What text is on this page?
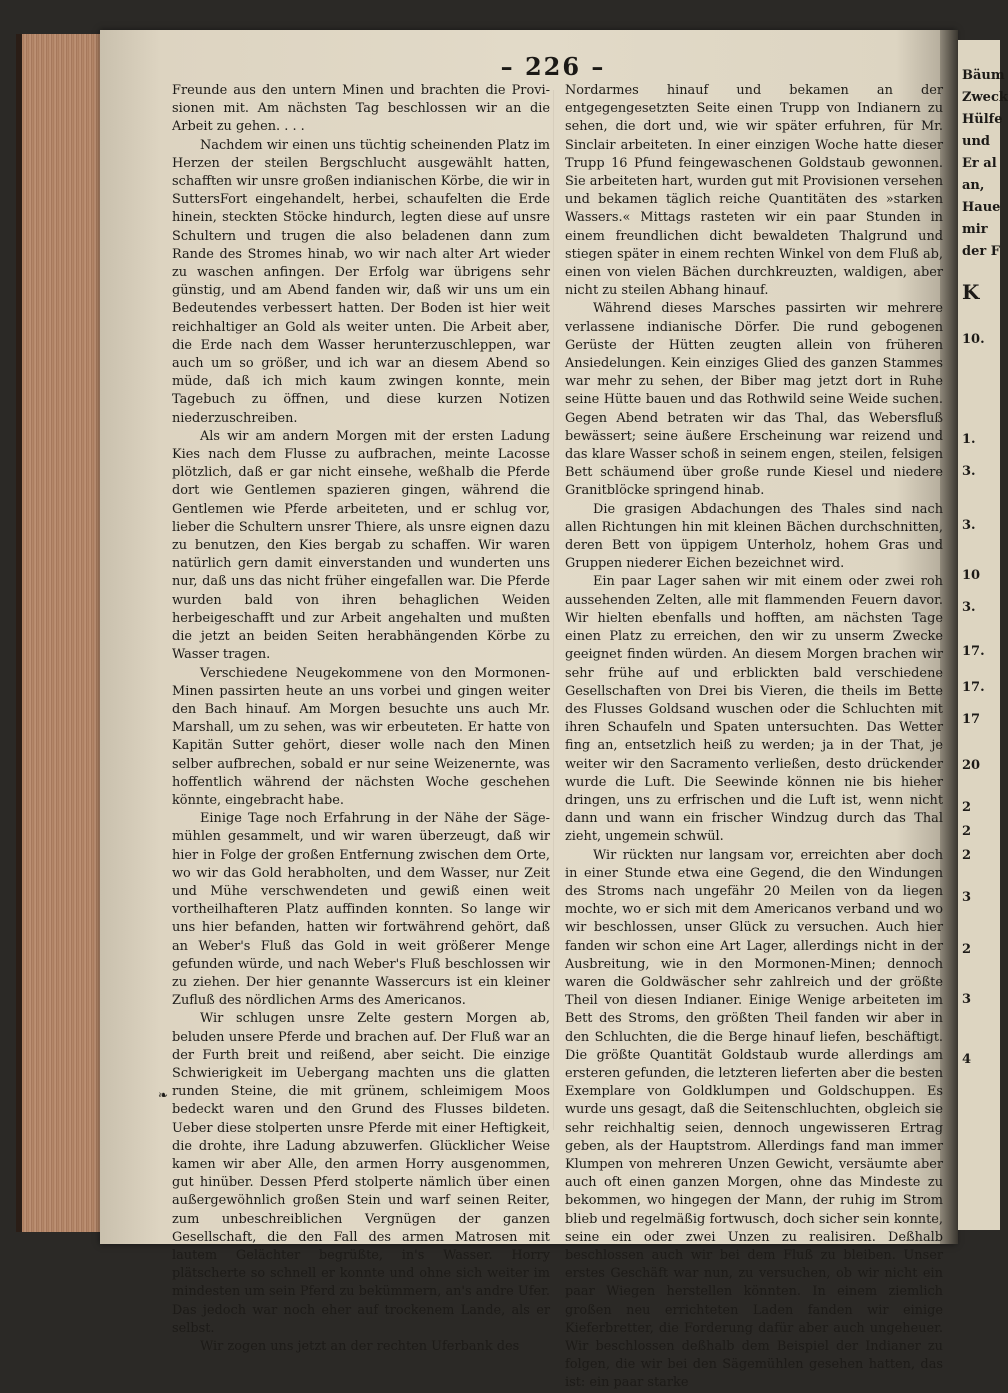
Bäum
Zweck
Hülfe
und
Er al
an,
Haue
mir
der F
K
10.
1.
3.
3.
10
3.
17.
17.
17
20
2
2
2
3
2
3
4
– 226 –
❧

Freunde aus den untern Minen und brachten die Provisionen mit. Am nächsten Tag beschlossen wir an die Arbeit zu gehen. . . .

Nachdem wir einen uns tüchtig scheinenden Platz im Herzen der steilen Bergschlucht ausgewählt hatten, schafften wir unsre großen indianischen Körbe, die wir in SuttersFort eingehandelt, herbei, schaufelten die Erde hinein, steckten Stöcke hindurch, legten diese auf unsre Schultern und trugen die also beladenen dann zum Rande des Stromes hinab, wo wir nach alter Art wieder zu waschen anfingen. Der Erfolg war übrigens sehr günstig, und am Abend fanden wir, daß wir uns um ein Bedeutendes verbessert hatten. Der Boden ist hier weit reichhaltiger an Gold als weiter unten. Die Arbeit aber, die Erde nach dem Wasser herunterzuschleppen, war auch um so größer, und ich war an diesem Abend so müde, daß ich mich kaum zwingen konnte, mein Tagebuch zu öffnen, und diese kurzen Notizen niederzuschreiben.

Als wir am andern Morgen mit der ersten Ladung Kies nach dem Flusse zu aufbrachen, meinte Lacosse plötzlich, daß er gar nicht einsehe, weßhalb die Pferde dort wie Gentlemen spazieren gingen, während die Gentlemen wie Pferde arbeiteten, und er schlug vor, lieber die Schultern unsrer Thiere, als unsre eignen dazu zu benutzen, den Kies bergab zu schaffen. Wir waren natürlich gern damit einverstanden und wunderten uns nur, daß uns das nicht früher eingefallen war. Die Pferde wurden bald von ihren behaglichen Weiden herbeigeschafft und zur Arbeit angehalten und mußten die jetzt an beiden Seiten herabhängenden Körbe zu Wasser tragen.

Verschiedene Neugekommene von den MormonenMinen passirten heute an uns vorbei und gingen weiter den Bach hinauf. Am Morgen besuchte uns auch Mr. Marshall, um zu sehen, was wir erbeuteten. Er hatte von Kapitän Sutter gehört, dieser wolle nach den Minen selber aufbrechen, sobald er nur seine Weizenernte, was hoffentlich während der nächsten Woche geschehen könnte, eingebracht habe.

Einige Tage noch Erfahrung in der Nähe der Sägemühlen gesammelt, und wir waren überzeugt, daß wir hier in Folge der großen Entfernung zwischen dem Orte, wo wir das Gold herabholten, und dem Wasser, nur Zeit und Mühe verschwendeten und gewiß einen weit vortheilhafteren Platz auffinden konnten. So lange wir uns hier befanden, hatten wir fortwährend gehört, daß an Weber's Fluß das Gold in weit größerer Menge gefunden würde, und nach Weber's Fluß beschlossen wir zu ziehen. Der hier genannte Wassercurs ist ein kleiner Zufluß des nördlichen Arms des Americanos.

Wir schlugen unsre Zelte gestern Morgen ab, beluden unsere Pferde und brachen auf. Der Fluß war an der Furth breit und reißend, aber seicht. Die einzige Schwierigkeit im Uebergang machten uns die glatten runden Steine, die mit grünem, schleimigem Moos bedeckt waren und den Grund des Flusses bildeten. Ueber diese stolperten unsre Pferde mit einer Heftigkeit, die drohte, ihre Ladung abzuwerfen. Glücklicher Weise kamen wir aber Alle, den armen Horry ausgenommen, gut hinüber. Dessen Pferd stolperte nämlich über einen außergewöhnlich großen Stein und warf seinen Reiter, zum unbeschreiblichen Vergnügen der ganzen Gesellschaft, die den Fall des armen Matrosen mit lautem Gelächter begrüßte, in's Wasser. Horry plätscherte so schnell er konnte und ohne sich weiter im mindesten um sein Pferd zu bekümmern, an's andre Ufer. Das jedoch war noch eher auf trockenem Lande, als er selbst.

Wir zogen uns jetzt an der rechten Uferbank des

Nordarmes hinauf und bekamen an der entgegengesetzten Seite einen Trupp von Indianern zu sehen, die dort und, wie wir später erfuhren, für Mr. Sinclair arbeiteten. In einer einzigen Woche hatte dieser Trupp 16 Pfund feingewaschenen Goldstaub gewonnen. Sie arbeiteten hart, wurden gut mit Provisionen versehen und bekamen täglich reiche Quantitäten des »starken Wassers.« Mittags rasteten wir ein paar Stunden in einem freundlichen dicht bewaldeten Thalgrund und stiegen später in einem rechten Winkel von dem Fluß ab, einen von vielen Bächen durchkreuzten, waldigen, aber nicht zu steilen Abhang hinauf.

Während dieses Marsches passirten wir mehrere verlassene indianische Dörfer. Die rund gebogenen Gerüste der Hütten zeugten allein von früheren Ansiedelungen. Kein einziges Glied des ganzen Stammes war mehr zu sehen, der Biber mag jetzt dort in Ruhe seine Hütte bauen und das Rothwild seine Weide suchen. Gegen Abend betraten wir das Thal, das Webersfluß bewässert; seine äußere Erscheinung war reizend und das klare Wasser schoß in seinem engen, steilen, felsigen Bett schäumend über große runde Kiesel und niedere Granitblöcke springend hinab.

Die grasigen Abdachungen des Thales sind nach allen Richtungen hin mit kleinen Bächen durchschnitten, deren Bett von üppigem Unterholz, hohem Gras und Gruppen niederer Eichen bezeichnet wird.

Ein paar Lager sahen wir mit einem oder zwei roh aussehenden Zelten, alle mit flammenden Feuern davor. Wir hielten ebenfalls und hofften, am nächsten Tage einen Platz zu erreichen, den wir zu unserm Zwecke geeignet finden würden. An diesem Morgen brachen wir sehr frühe auf und erblickten bald verschiedene Gesellschaften von Drei bis Vieren, die theils im Bette des Flusses Goldsand wuschen oder die Schluchten mit ihren Schaufeln und Spaten untersuchten. Das Wetter fing an, entsetzlich heiß zu werden; ja in der That, je weiter wir den Sacramento verließen, desto drückender wurde die Luft. Die Seewinde können nie bis hieher dringen, uns zu erfrischen und die Luft ist, wenn nicht dann und wann ein frischer Windzug durch das Thal zieht, ungemein schwül.

Wir rückten nur langsam vor, erreichten aber doch in einer Stunde etwa eine Gegend, die den Windungen des Stroms nach ungefähr 20 Meilen von da liegen mochte, wo er sich mit dem Americanos verband und wo wir beschlossen, unser Glück zu versuchen. Auch hier fanden wir schon eine Art Lager, allerdings nicht in der Ausbreitung, wie in den Mormonen-Minen; dennoch waren die Goldwäscher sehr zahlreich und der größte Theil von diesen Indianer. Einige Wenige arbeiteten im Bett des Stroms, den größten Theil fanden wir aber in den Schluchten, die die Berge hinauf liefen, beschäftigt. Die größte Quantität Goldstaub wurde allerdings am ersteren gefunden, die letzteren lieferten aber die besten Exemplare von Goldklumpen und Goldschuppen. Es wurde uns gesagt, daß die Seitenschluchten, obgleich sie sehr reichhaltig seien, dennoch ungewisseren Ertrag geben, als der Hauptstrom. Allerdings fand man immer Klumpen von mehreren Unzen Gewicht, versäumte aber auch oft einen ganzen Morgen, ohne das Mindeste zu bekommen, wo hingegen der Mann, der ruhig im Strom blieb und regelmäßig fortwusch, doch sicher sein konnte, seine ein oder zwei Unzen zu realisiren. Deßhalb beschlossen auch wir bei dem Fluß zu bleiben. Unser erstes Geschäft war nun, zu versuchen, ob wir nicht ein paar Wiegen herstellen könnten. In einem ziemlich großen neu errichteten Laden fanden wir einige Kieferbretter, die Forderung dafür aber auch ungeheuer. Wir beschlossen deßhalb dem Beispiel der Indianer zu folgen, die wir bei den Sägemühlen gesehen hatten, das ist: ein paar starke
